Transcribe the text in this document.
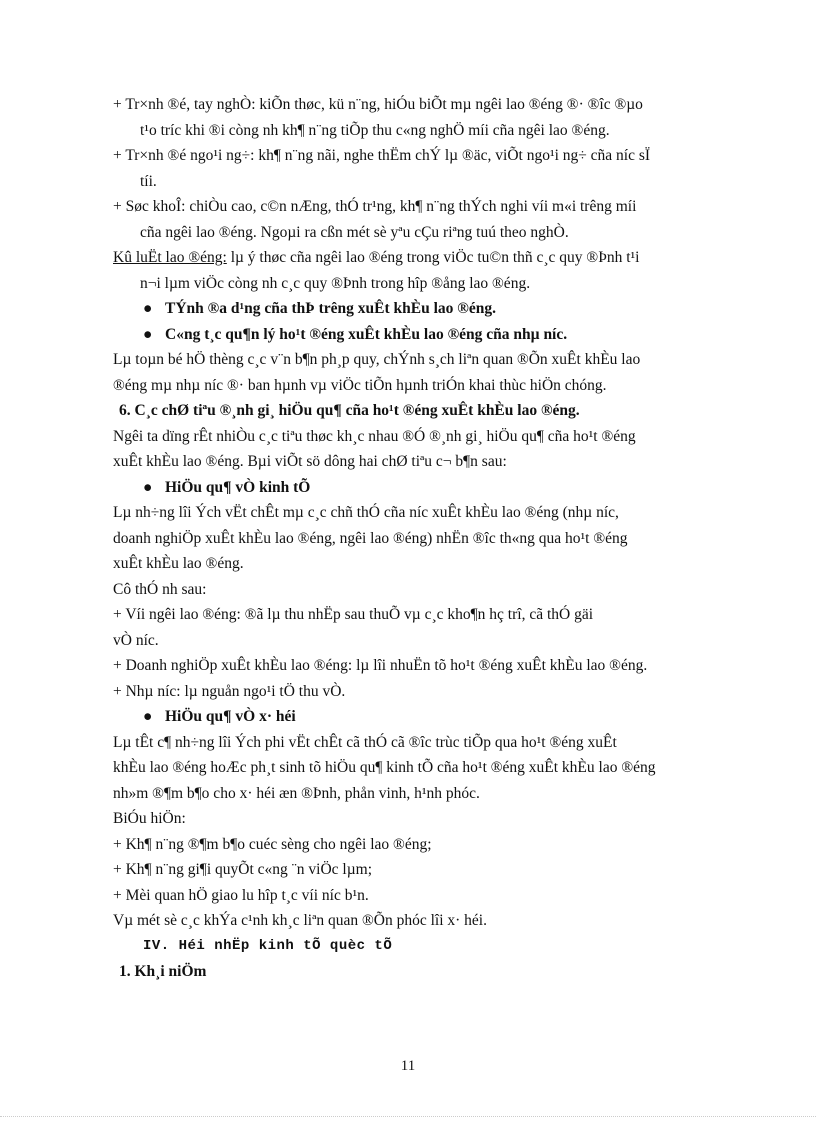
+ Tr×nh ®é, tay nghÒ: kiÕn thøc, kü n¨ng, hiÓu biÕt mµ ngêi lao ®éng ®· ®îc ®µo
t¹o tríc khi ®i còng nh kh¶ n¨ng tiÕp thu c«ng nghÖ míi cña ngêi lao ®éng.
+ Tr×nh ®é ngo¹i ng÷: kh¶ n¨ng nãi, nghe thËm chÝ lµ ®äc, viÕt ngo¹i ng÷ cña níc sÏ
tíi.
+ Søc khoÎ: chiÒu cao, c©n nÆng, thÓ tr¹ng, kh¶ n¨ng thÝch nghi víi m«i trêng míi
cña ngêi lao ®éng. Ngoµi ra cßn mét sè yªu cÇu riªng tuú theo nghÒ.
Kû luËt lao ®éng: lµ ý thøc cña ngêi lao ®éng trong viÖc tu©n thñ c¸c quy ®Þnh t¹i
n¬i lµm viÖc còng nh c¸c quy ®Þnh trong hîp ®ång lao ®éng.
● TÝnh ®a d¹ng cña thÞ trêng xuÊt khÈu lao ®éng.
● C«ng t¸c qu¶n lý ho¹t ®éng xuÊt khÈu lao ®éng cña nhµ níc.
Lµ toµn bé hÖ thèng c¸c v¨n b¶n ph¸p quy, chÝnh s¸ch liªn quan ®Õn xuÊt khÈu lao
®éng mµ nhµ níc ®· ban hµnh vµ viÖc tiÕn hµnh triÓn khai thùc hiÖn chóng.
6. C¸c chØ tiªu ®¸nh gi¸ hiÖu qu¶ cña ho¹t ®éng xuÊt khÈu lao ®éng.
Ngêi ta dïng rÊt nhiÒu c¸c tiªu thøc kh¸c nhau ®Ó ®¸nh gi¸ hiÖu qu¶ cña ho¹t ®éng
xuÊt khÈu lao ®éng. Bµi viÕt sö dông hai chØ tiªu c¬ b¶n sau:
● HiÖu qu¶ vÒ kinh tÕ
Lµ nh÷ng lîi Ých vËt chÊt mµ c¸c chñ thÓ cña níc xuÊt khÈu lao ®éng (nhµ níc,
doanh nghiÖp xuÊt khÈu lao ®éng, ngêi lao ®éng) nhËn ®îc th«ng qua ho¹t ®éng
xuÊt khÈu lao ®éng.
Cô thÓ nh sau:
+ Víi ngêi lao ®éng: ®ã lµ thu nhËp sau thuÕ vµ c¸c kho¶n hç trî, cã thÓ gäi
vÒ níc.
+ Doanh nghiÖp xuÊt khÈu lao ®éng: lµ lîi nhuËn tõ ho¹t ®éng xuÊt khÈu lao ®éng.
+ Nhµ níc: lµ nguån ngo¹i tÖ thu vÒ.
● HiÖu qu¶ vÒ x· héi
Lµ tÊt c¶ nh÷ng lîi Ých phi vËt chÊt cã thÓ cã ®îc trùc tiÕp qua ho¹t ®éng xuÊt
khÈu lao ®éng hoÆc ph¸t sinh tõ hiÖu qu¶ kinh tÕ cña ho¹t ®éng xuÊt khÈu lao ®éng
nh»m ®¶m b¶o cho x· héi æn ®Þnh, phån vinh, h¹nh phóc.
BiÓu hiÖn:
+ Kh¶ n¨ng ®¶m b¶o cuéc sèng cho ngêi lao ®éng;
+ Kh¶ n¨ng gi¶i quyÕt c«ng ¨n viÖc lµm;
+ Mèi quan hÖ giao lu hîp t¸c víi níc b¹n.
Vµ mét sè c¸c khÝa c¹nh kh¸c liªn quan ®Õn phóc lîi x· héi.
IV. Héi nhËp kinh tÕ quèc tÕ
1. Kh¸i niÖm
11
